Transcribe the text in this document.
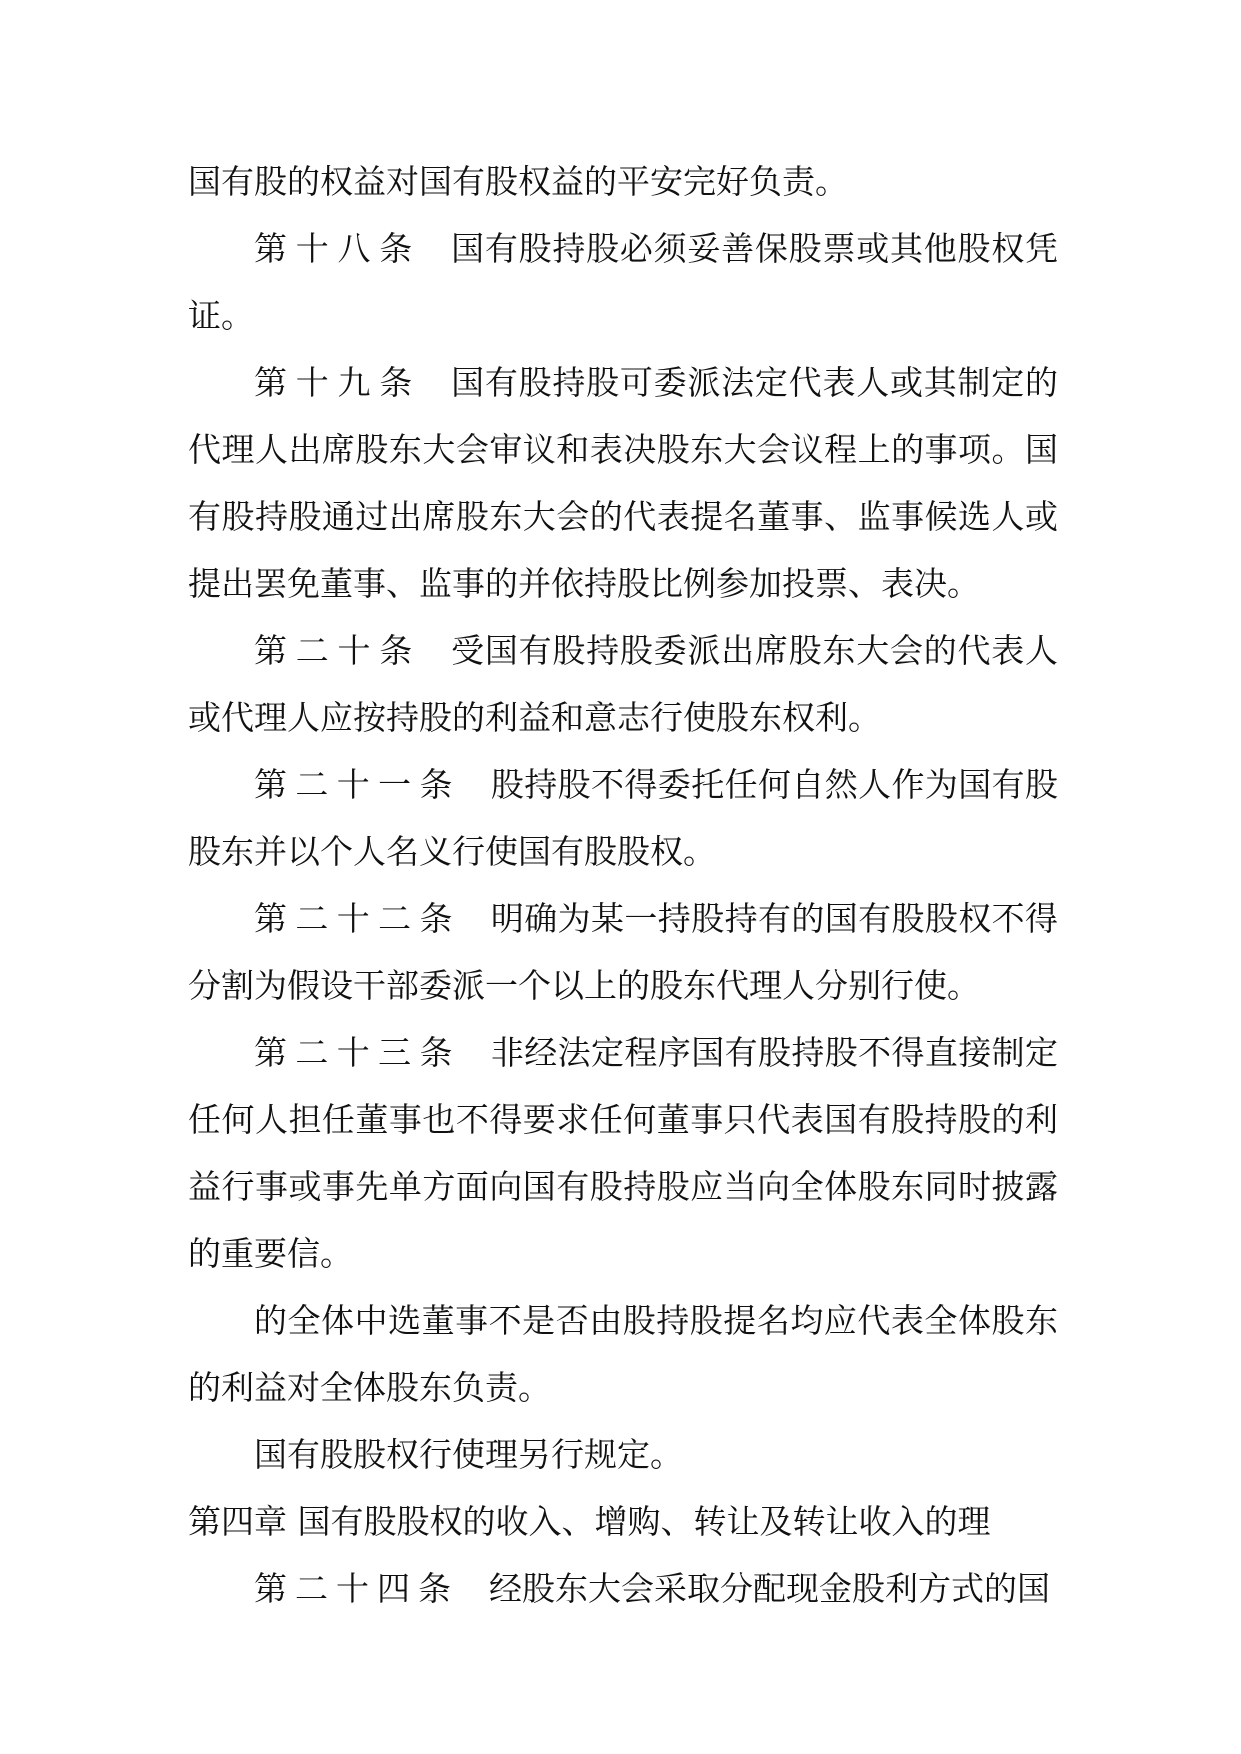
国有股的权益对国有股权益的平安完好负责。

第十八条 国有股持股必须妥善保股票或其他股权凭证。

第十九条 国有股持股可委派法定代表人或其制定的代理人出席股东大会审议和表决股东大会议程上的事项。国有股持股通过出席股东大会的代表提名董事、监事候选人或提出罢免董事、监事的并依持股比例参加投票、表决。

第二十条 受国有股持股委派出席股东大会的代表人或代理人应按持股的利益和意志行使股东权利。

第二十一条 股持股不得委托任何自然人作为国有股股东并以个人名义行使国有股股权。

第二十二条 明确为某一持股持有的国有股股权不得分割为假设干部委派一个以上的股东代理人分别行使。

第二十三条 非经法定程序国有股持股不得直接制定任何人担任董事也不得要求任何董事只代表国有股持股的利益行事或事先单方面向国有股持股应当向全体股东同时披露的重要信。

的全体中选董事不是否由股持股提名均应代表全体股东的利益对全体股东负责。

国有股股权行使理另行规定。

第四章 国有股股权的收入、增购、转让及转让收入的理

第二十四条 经股东大会采取分配现金股利方式的国
